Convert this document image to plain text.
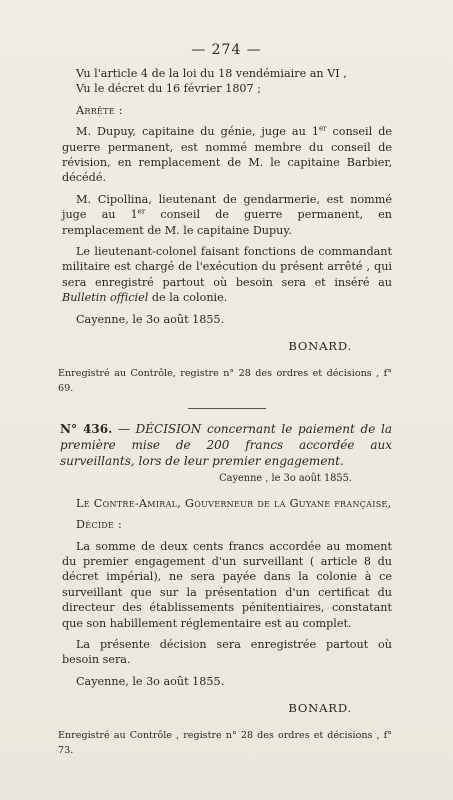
— 274 —

Vu l'article 4 de la loi du 18 vendémiaire an VI ,

Vu le décret du 16 février 1807 ;

Arrête :

M. Dupuy, capitaine du génie, juge au 1er conseil de guerre permanent, est nommé membre du conseil de révision, en remplacement de M. le capitaine Barbier, décédé.

M. Cipollina, lieutenant de gendarmerie, est nommé juge au 1er conseil de guerre permanent, en remplacement de M. le capitaine Dupuy.

Le lieutenant-colonel faisant fonctions de commandant militaire est chargé de l'exécution du présent arrêté , qui sera enregistré partout où besoin sera et inséré au Bulletin officiel de la colonie.

Cayenne, le 3o août 1855.

BONARD.

Enregistré au Contrôle, registre n° 28 des ordres et décisions , f° 69.

N° 436. — DÉCISION concernant le paiement de la première mise de 200 francs accordée aux surveillants, lors de leur premier engagement.

Cayenne , le 3o août 1855.

Le Contre-Amiral, Gouverneur de la Guyane française,

Décide :

La somme de deux cents francs accordée au moment du premier engagement d'un surveillant ( article 8 du décret impérial), ne sera payée dans la colonie à ce surveillant que sur la présentation d'un certificat du directeur des établissements pénitentiaires, constatant que son habillement réglementaire est au complet.

La présente décision sera enregistrée partout où besoin sera.

Cayenne, le 3o août 1855.

BONARD.

Enregistré au Contrôle , registre n° 28 des ordres et décisions , f° 73.
